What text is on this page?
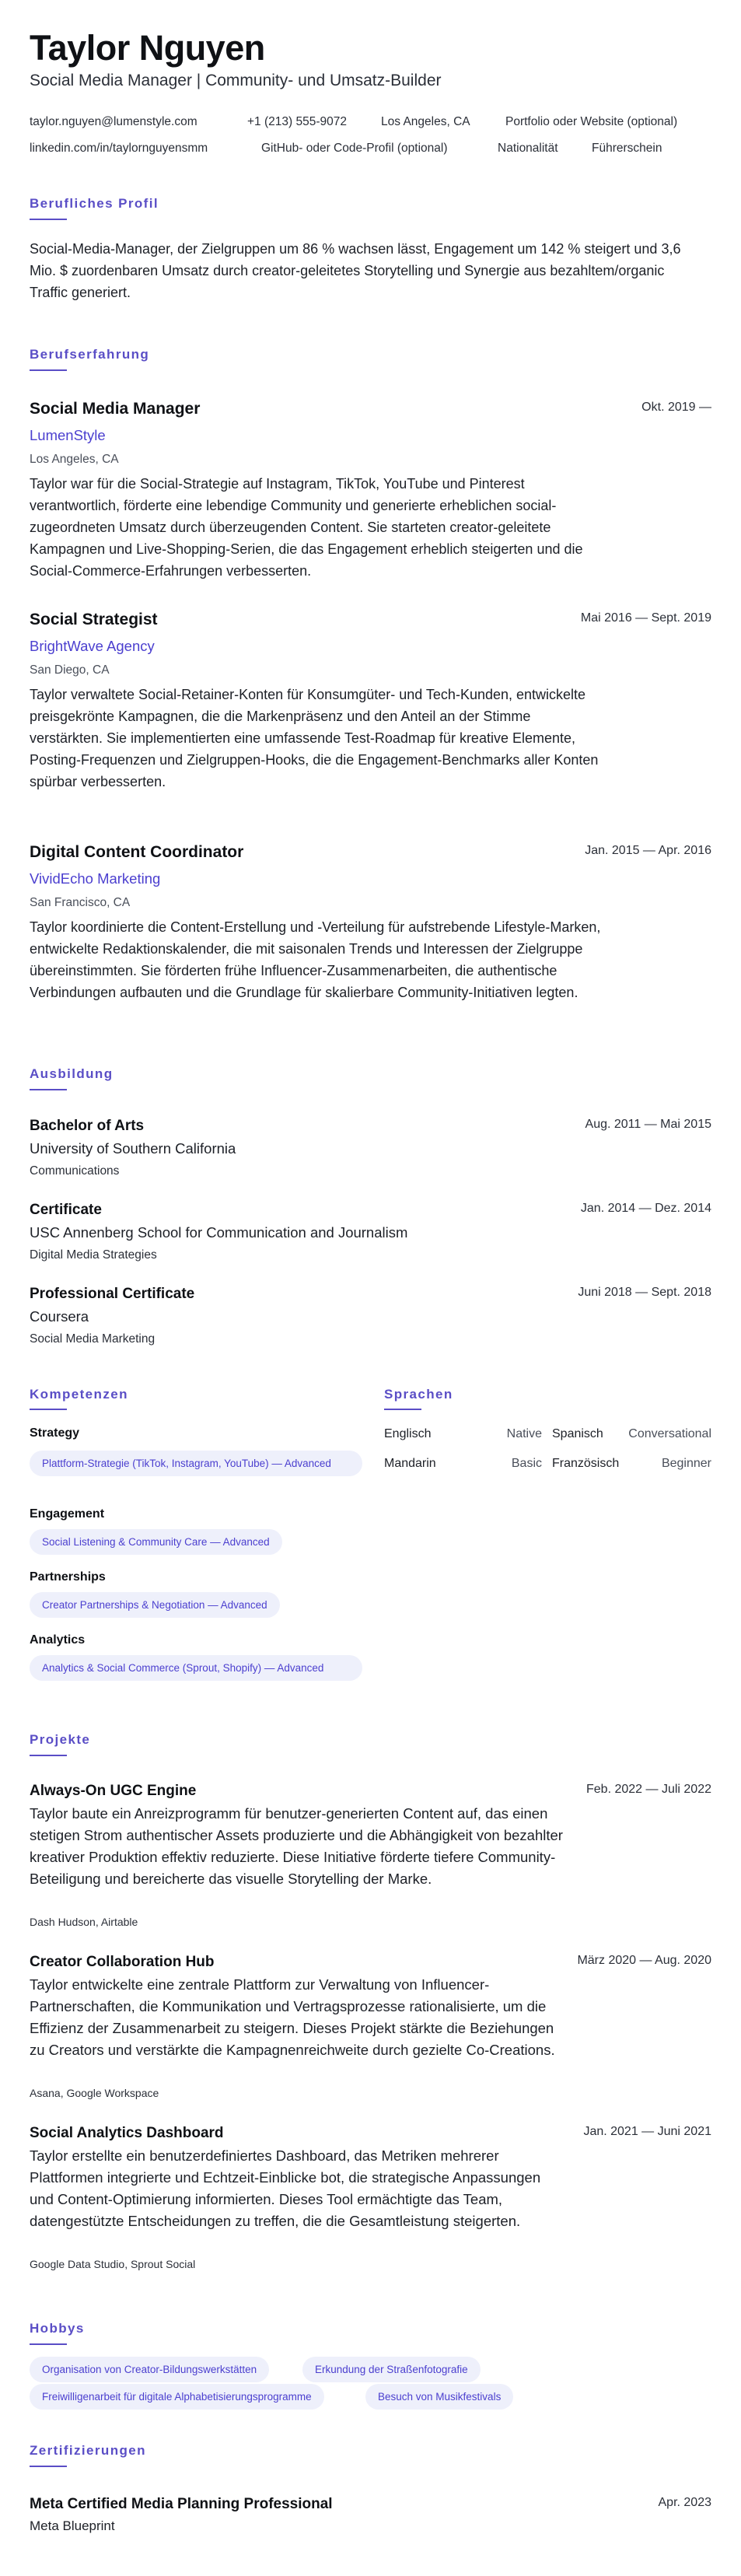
Taylor Nguyen
Social Media Manager | Community- und Umsatz-Builder
taylor.nguyen@lumenstyle.com	+1 (213) 555-9072	Los Angeles, CA	Portfolio oder Website (optional)
linkedin.com/in/taylornguyensmm	GitHub- oder Code-Profil (optional)	Nationalität	Führerschein
Berufliches Profil
Social-Media-Manager, der Zielgruppen um 86 % wachsen lässt, Engagement um 142 % steigert und 3,6 Mio. $ zuordenbaren Umsatz durch creator-geleitetes Storytelling und Synergie aus bezahltem/organic Traffic generiert.
Berufserfahrung
Social Media Manager	Okt. 2019 —
LumenStyle
Los Angeles, CA
Taylor war für die Social-Strategie auf Instagram, TikTok, YouTube und Pinterest verantwortlich, förderte eine lebendige Community und generierte erheblichen social-zugeordneten Umsatz durch überzeugenden Content. Sie starteten creator-geleitete Kampagnen und Live-Shopping-Serien, die das Engagement erheblich steigerten und die Social-Commerce-Erfahrungen verbesserten.
Social Strategist	Mai 2016 — Sept. 2019
BrightWave Agency
San Diego, CA
Taylor verwaltete Social-Retainer-Konten für Konsumgüter- und Tech-Kunden, entwickelte preisgekrönte Kampagnen, die die Markenpräsenz und den Anteil an der Stimme verstärkten. Sie implementierten eine umfassende Test-Roadmap für kreative Elemente, Posting-Frequenzen und Zielgruppen-Hooks, die die Engagement-Benchmarks aller Konten spürbar verbesserten.
Digital Content Coordinator	Jan. 2015 — Apr. 2016
VividEcho Marketing
San Francisco, CA
Taylor koordinierte die Content-Erstellung und -Verteilung für aufstrebende Lifestyle-Marken, entwickelte Redaktionskalender, die mit saisonalen Trends und Interessen der Zielgruppe übereinstimmten. Sie förderten frühe Influencer-Zusammenarbeiten, die authentische Verbindungen aufbauten und die Grundlage für skalierbare Community-Initiativen legten.
Ausbildung
Bachelor of Arts	Aug. 2011 — Mai 2015
University of Southern California
Communications
Certificate	Jan. 2014 — Dez. 2014
USC Annenberg School for Communication and Journalism
Digital Media Strategies
Professional Certificate	Juni 2018 — Sept. 2018
Coursera
Social Media Marketing
Kompetenzen
Strategy
Plattform-Strategie (TikTok, Instagram, YouTube) — Advanced
Engagement
Social Listening & Community Care — Advanced
Partnerships
Creator Partnerships & Negotiation — Advanced
Analytics
Analytics & Social Commerce (Sprout, Shopify) — Advanced
Sprachen
Englisch	Native Spanisch Conversational
Mandarin	Basic Französisch	Beginner
Projekte
Always-On UGC Engine	Feb. 2022 — Juli 2022
Taylor baute ein Anreizprogramm für benutzer-generierten Content auf, das einen stetigen Strom authentischer Assets produzierte und die Abhängigkeit von bezahlter kreativer Produktion effektiv reduzierte. Diese Initiative förderte tiefere Community-Beteiligung und bereicherte das visuelle Storytelling der Marke.
Dash Hudson, Airtable
Creator Collaboration Hub	März 2020 — Aug. 2020
Taylor entwickelte eine zentrale Plattform zur Verwaltung von Influencer-Partnerschaften, die Kommunikation und Vertragsprozesse rationalisierte, um die Effizienz der Zusammenarbeit zu steigern. Dieses Projekt stärkte die Beziehungen zu Creators und verstärkte die Kampagnenreichweite durch gezielte Co-Creations.
Asana, Google Workspace
Social Analytics Dashboard	Jan. 2021 — Juni 2021
Taylor erstellte ein benutzerdefiniertes Dashboard, das Metriken mehrerer Plattformen integrierte und Echtzeit-Einblicke bot, die strategische Anpassungen und Content-Optimierung informierten. Dieses Tool ermächtigte das Team, datengestützte Entscheidungen zu treffen, die die Gesamtleistung steigerten.
Google Data Studio, Sprout Social
Hobbys
Organisation von Creator-Bildungswerkstätten	Erkundung der Straßenfotografie
Freiwilligenarbeit für digitale Alphabetisierungsprogramme	Besuch von Musikfestivals
Zertifizierungen
Meta Certified Media Planning Professional	Apr. 2023
Meta Blueprint
